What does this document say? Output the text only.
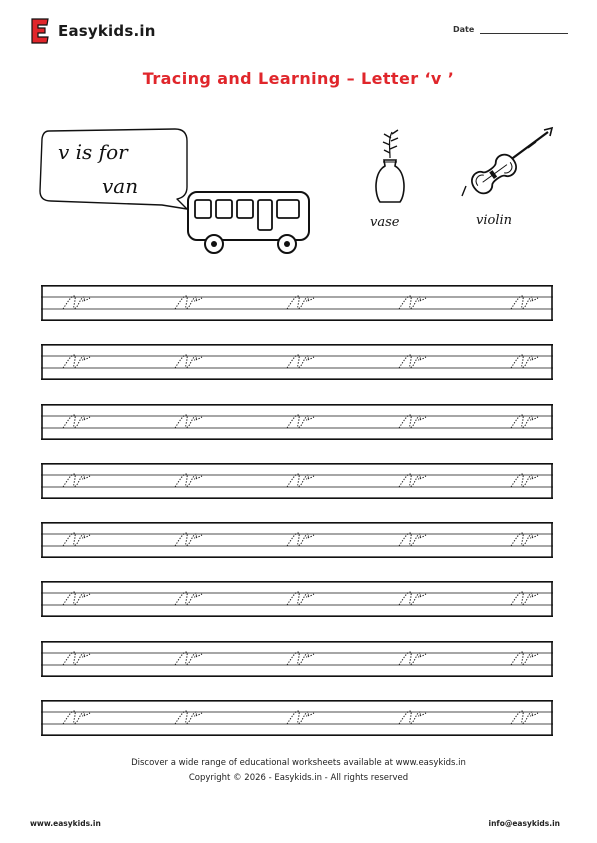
Easykids.in	Date
Tracing and Learning – Letter ‘v ’
v is for
van
vase	violin
Discover a wide range of educational worksheets available at www.easykids.in
Copyright © 2026 - Easykids.in - All rights reserved
www.easykids.in	info@easykids.in
